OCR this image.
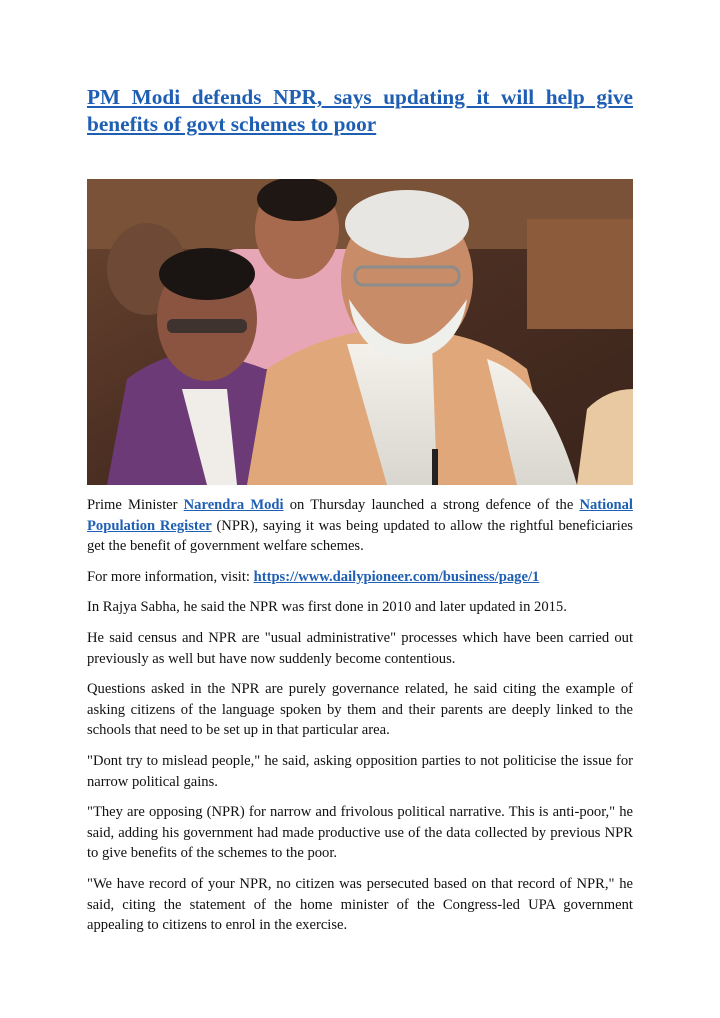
PM Modi defends NPR, says updating it will help give benefits of govt schemes to poor

Prime Minister Narendra Modi on Thursday launched a strong defence of the National Population Register (NPR), saying it was being updated to allow the rightful beneficiaries get the benefit of government welfare schemes.

For more information, visit: https://www.dailypioneer.com/business/page/1

In Rajya Sabha, he said the NPR was first done in 2010 and later updated in 2015.

He said census and NPR are "usual administrative" processes which have been carried out previously as well but have now suddenly become contentious.

Questions asked in the NPR are purely governance related, he said citing the example of asking citizens of the language spoken by them and their parents are deeply linked to the schools that need to be set up in that particular area.

"Dont try to mislead people," he said, asking opposition parties to not politicise the issue for narrow political gains.

"They are opposing (NPR) for narrow and frivolous political narrative. This is anti-poor," he said, adding his government had made productive use of the data collected by previous NPR to give benefits of the schemes to the poor.

"We have record of your NPR, no citizen was persecuted based on that record of NPR," he said, citing the statement of the home minister of the Congress-led UPA government appealing to citizens to enrol in the exercise.
